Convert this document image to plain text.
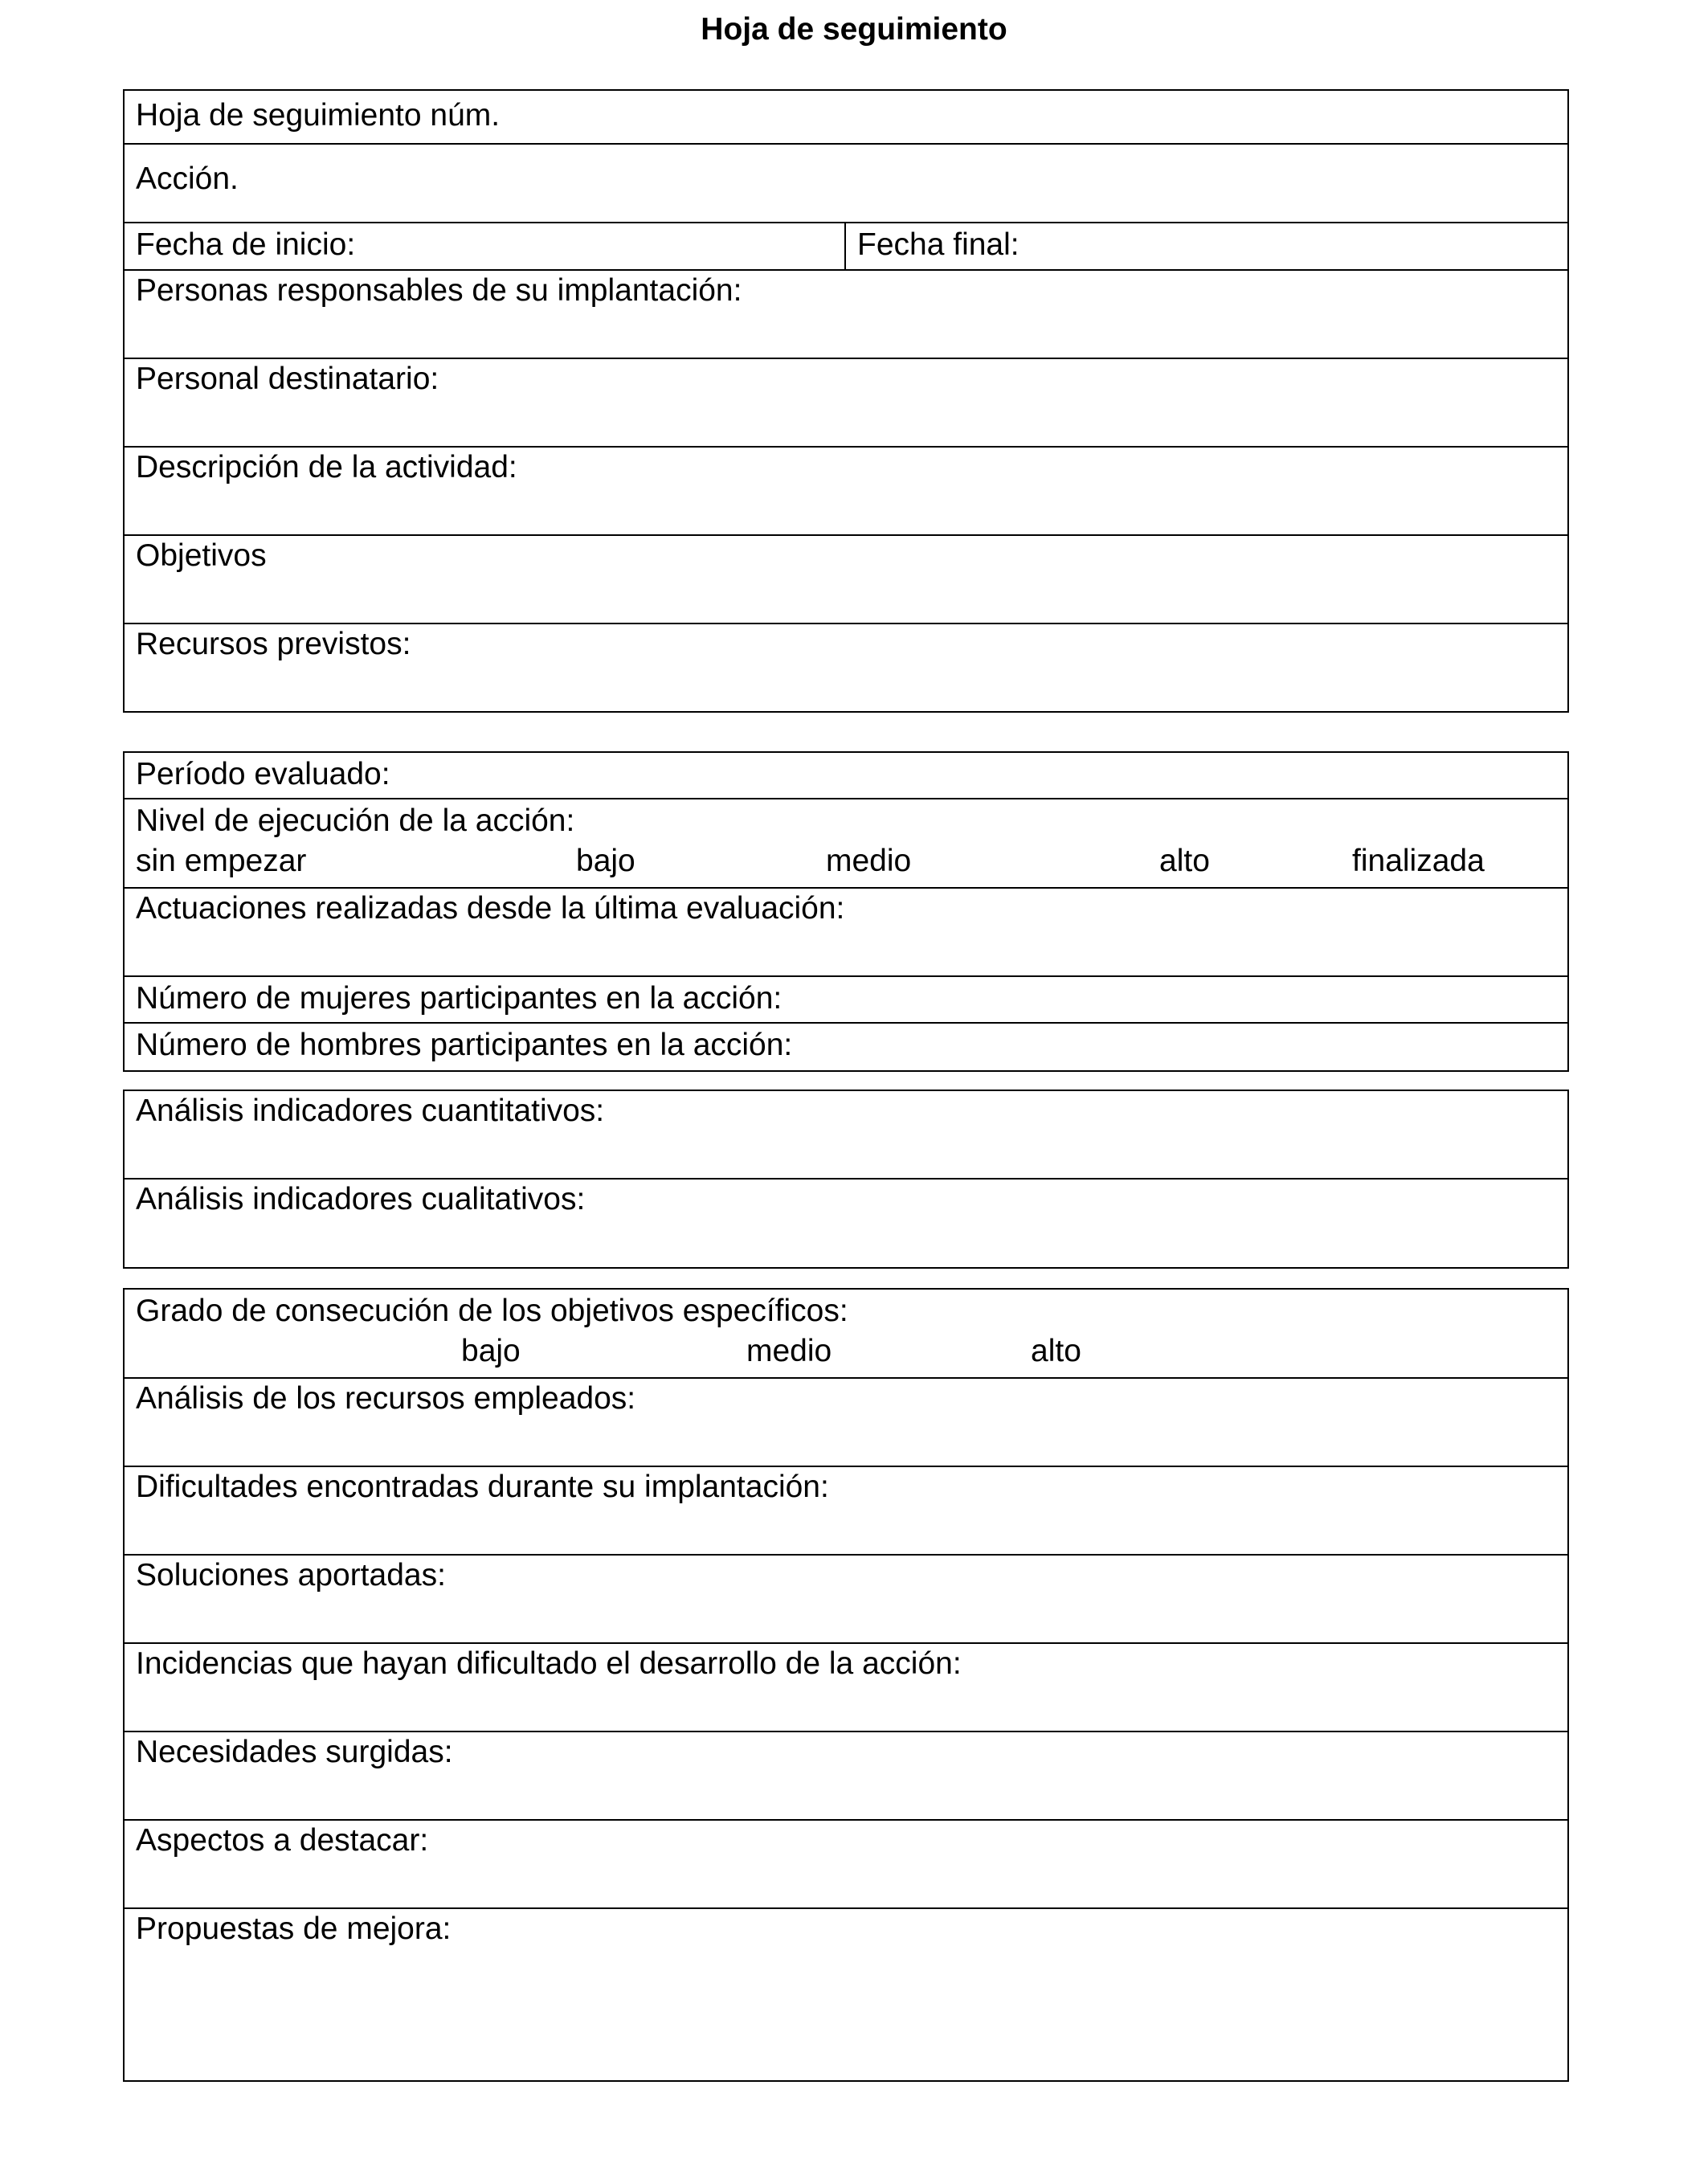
Hoja de seguimiento
Hoja de seguimiento núm.
Acción.
Fecha de inicio:	Fecha final:
Personas responsables de su implantación:
Personal destinatario:
Descripción de la actividad:
Objetivos
Recursos previstos:
Período evaluado:
Nivel de ejecución de la acción:
sin empezar	bajo	medio	alto	finalizada
Actuaciones realizadas desde la última evaluación:
Número de mujeres participantes en la acción:
Número de hombres participantes en la acción:
Análisis indicadores cuantitativos:
Análisis indicadores cualitativos:
Grado de consecución de los objetivos específicos:
bajo	medio	alto
Análisis de los recursos empleados:
Dificultades encontradas durante su implantación:
Soluciones aportadas:
Incidencias que hayan dificultado el desarrollo de la acción:
Necesidades surgidas:
Aspectos a destacar:
Propuestas de mejora:
